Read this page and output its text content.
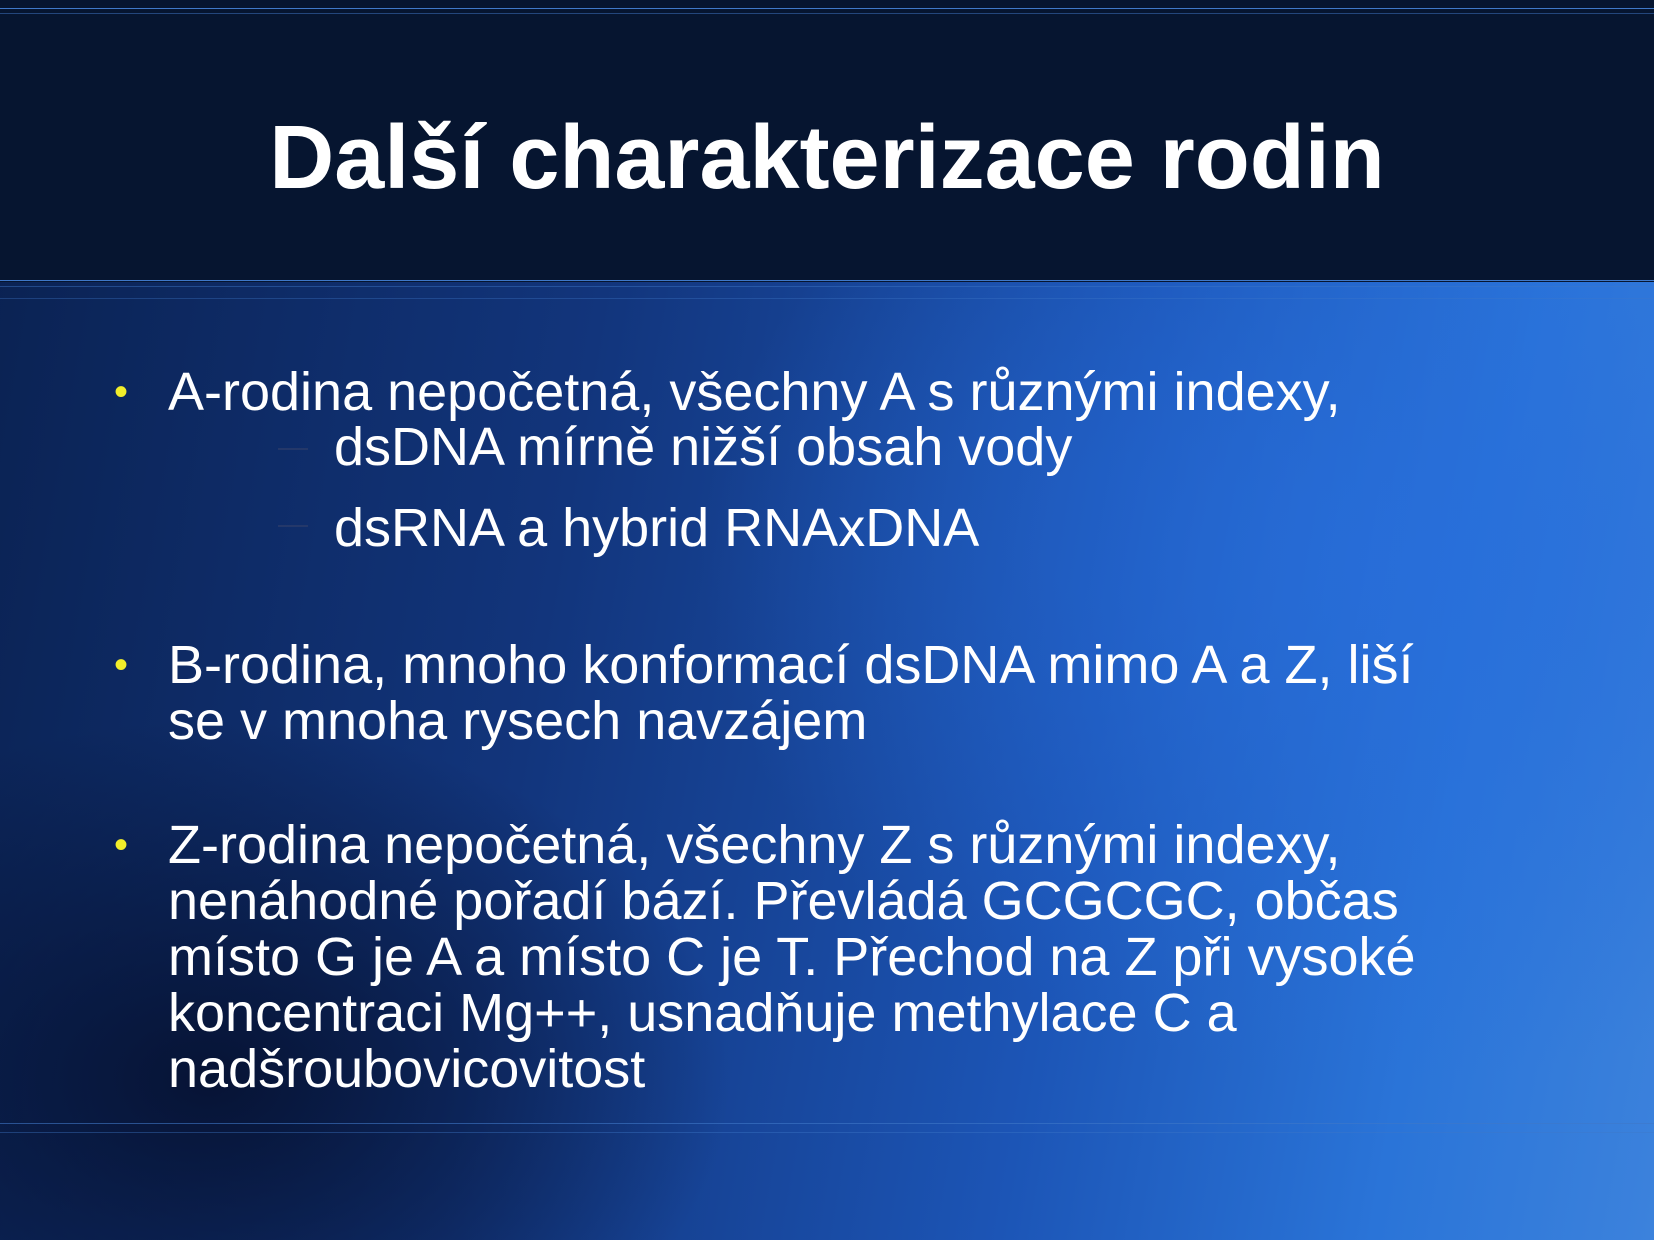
Další charakterizace rodin
• A-rodina nepočetná, všechny A s různými indexy,
dsDNA mírně nižší obsah vody
dsRNA a hybrid RNAxDNA
• B-rodina, mnoho konformací dsDNA mimo A a Z, liší
se v mnoha rysech navzájem
• Z-rodina nepočetná, všechny Z s různými indexy,
nenáhodné pořadí bází. Převládá GCGCGC, občas
místo G je A a místo C je T. Přechod na Z při vysoké
koncentraci Mg++, usnadňuje methylace C a
nadšroubovicovitost
